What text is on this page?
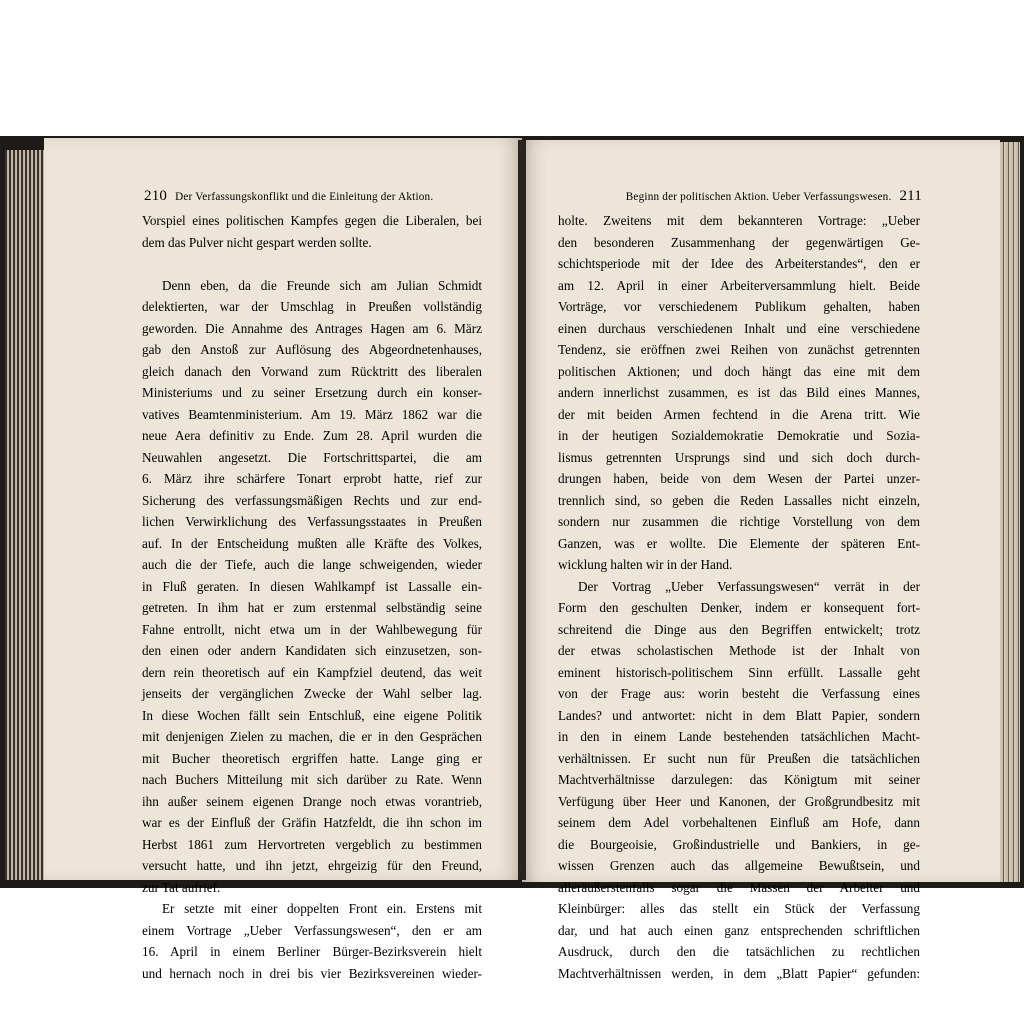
210 Der Verfassungskonflikt und die Einleitung der Aktion.	Beginn der politischen Aktion. Ueber Verfassungswesen. 211
Vorspiel eines politischen Kampfes gegen die Liberalen, bei
dem das Pulver nicht gespart werden sollte.
Denn eben, da die Freunde sich am Julian Schmidt
delektierten, war der Umschlag in Preußen vollständig
geworden. Die Annahme des Antrages Hagen am 6. März
gab den Anstoß zur Auflösung des Abgeordnetenhauses,
gleich danach den Vorwand zum Rücktritt des liberalen
Ministeriums und zu seiner Ersetzung durch ein konser-
vatives Beamtenministerium. Am 19. März 1862 war die
neue Aera definitiv zu Ende. Zum 28. April wurden die
Neuwahlen angesetzt. Die Fortschrittspartei, die am
6. März ihre schärfere Tonart erprobt hatte, rief zur
Sicherung des verfassungsmäßigen Rechts und zur end-
lichen Verwirklichung des Verfassungsstaates in Preußen
auf. In der Entscheidung mußten alle Kräfte des Volkes,
auch die der Tiefe, auch die lange schweigenden, wieder
in Fluß geraten. In diesen Wahlkampf ist Lassalle ein-
getreten. In ihm hat er zum erstenmal selbständig seine
Fahne entrollt, nicht etwa um in der Wahlbewegung für
den einen oder andern Kandidaten sich einzusetzen, son-
dern rein theoretisch auf ein Kampfziel deutend, das weit
jenseits der vergänglichen Zwecke der Wahl selber lag.
In diese Wochen fällt sein Entschluß, eine eigene Politik
mit denjenigen Zielen zu machen, die er in den Gesprächen
mit Bucher theoretisch ergriffen hatte. Lange ging er
nach Buchers Mitteilung mit sich darüber zu Rate. Wenn
ihn außer seinem eigenen Drange noch etwas vorantrieb,
war es der Einfluß der Gräfin Hatzfeldt, die ihn schon im
Herbst 1861 zum Hervortreten vergeblich zu bestimmen
versucht hatte, und ihn jetzt, ehrgeizig für den Freund,
zur Tat aufrief.
Er setzte mit einer doppelten Front ein. Erstens mit
einem Vortrage „Ueber Verfassungswesen“, den er am
16. April in einem Berliner Bürger-Bezirksverein hielt
und hernach noch in drei bis vier Bezirksvereinen wieder-
holte. Zweitens mit dem bekannteren Vortrage: „Ueber
den besonderen Zusammenhang der gegenwärtigen Ge-
schichtsperiode mit der Idee des Arbeiterstandes“, den er
am 12. April in einer Arbeiterversammlung hielt. Beide
Vorträge, vor verschiedenem Publikum gehalten, haben
einen durchaus verschiedenen Inhalt und eine verschiedene
Tendenz, sie eröffnen zwei Reihen von zunächst getrennten
politischen Aktionen; und doch hängt das eine mit dem
andern innerlichst zusammen, es ist das Bild eines Mannes,
der mit beiden Armen fechtend in die Arena tritt. Wie
in der heutigen Sozialdemokratie Demokratie und Sozia-
lismus getrennten Ursprungs sind und sich doch durch-
drungen haben, beide von dem Wesen der Partei unzer-
trennlich sind, so geben die Reden Lassalles nicht einzeln,
sondern nur zusammen die richtige Vorstellung von dem
Ganzen, was er wollte. Die Elemente der späteren Ent-
wicklung halten wir in der Hand.
Der Vortrag „Ueber Verfassungswesen“ verrät in der
Form den geschulten Denker, indem er konsequent fort-
schreitend die Dinge aus den Begriffen entwickelt; trotz
der etwas scholastischen Methode ist der Inhalt von
eminent historisch-politischem Sinn erfüllt. Lassalle geht
von der Frage aus: worin besteht die Verfassung eines
Landes? und antwortet: nicht in dem Blatt Papier, sondern
in den in einem Lande bestehenden tatsächlichen Macht-
verhältnissen. Er sucht nun für Preußen die tatsächlichen
Machtverhältnisse darzulegen: das Königtum mit seiner
Verfügung über Heer und Kanonen, der Großgrundbesitz mit
seinem dem Adel vorbehaltenen Einfluß am Hofe, dann
die Bourgeoisie, Großindustrielle und Bankiers, in ge-
wissen Grenzen auch das allgemeine Bewußtsein, und
alleräußerstenfalls sogar die Massen der Arbeiter und
Kleinbürger: alles das stellt ein Stück der Verfassung
dar, und hat auch einen ganz entsprechenden schriftlichen
Ausdruck, durch den die tatsächlichen zu rechtlichen
Machtverhältnissen werden, in dem „Blatt Papier“ gefunden:
